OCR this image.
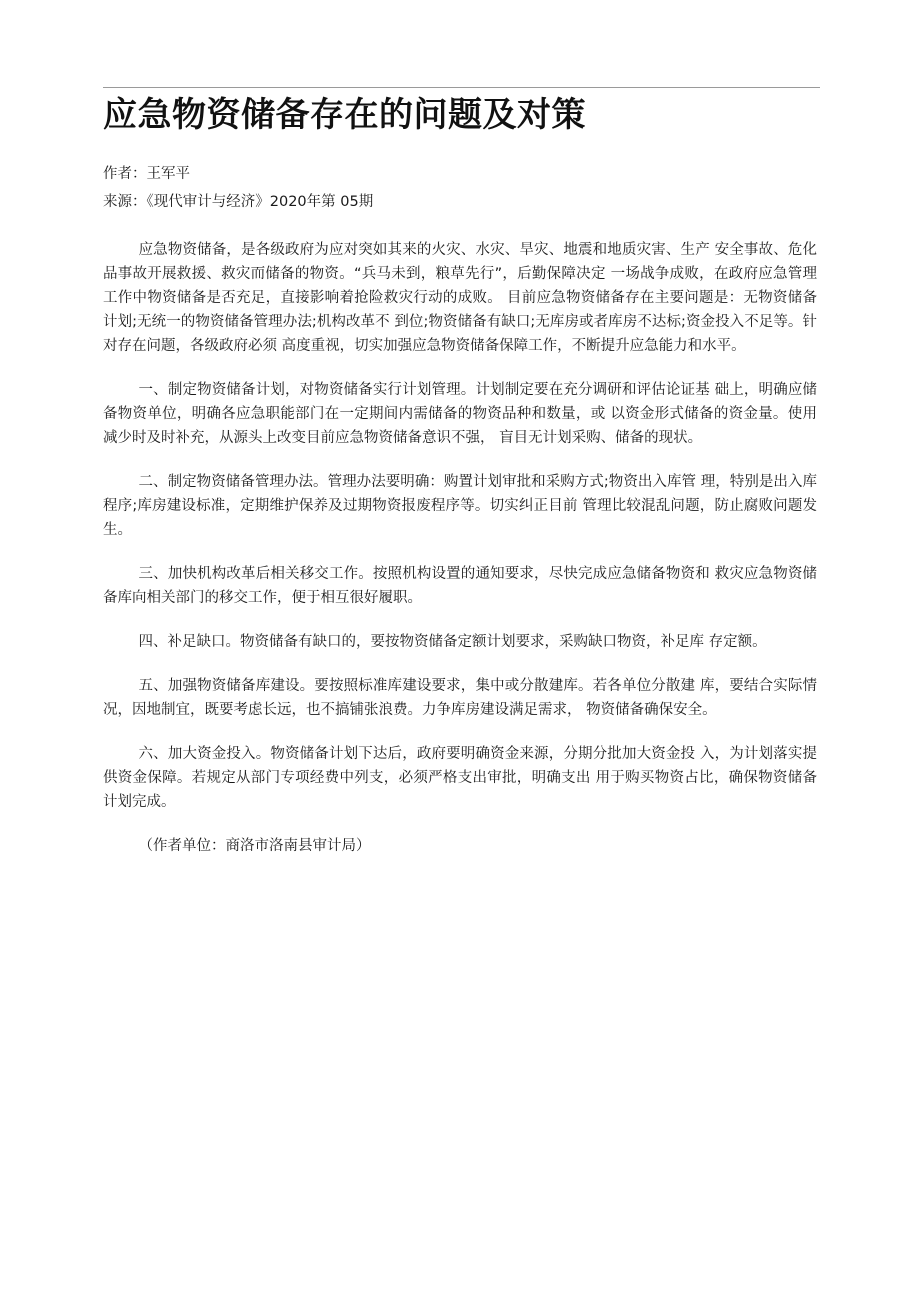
应急物资储备存在的问题及对策
作者：王军平
来源：《现代审计与经济》2020年第 05期

应急物资储备，是各级政府为应对突如其来的火灾、水灾、旱灾、地震和地质灾害、生产 安全事故、危化品事故开展救援、救灾而储备的物资。“兵马未到，粮草先行”，后勤保障决定 一场战争成败，在政府应急管理工作中物资储备是否充足，直接影响着抢险救灾行动的成败。 目前应急物资储备存在主要问题是：无物资储备计划;无统一的物资储备管理办法;机构改革不 到位;物资储备有缺口;无库房或者库房不达标;资金投入不足等。针对存在问题，各级政府必须 高度重视，切实加强应急物资储备保障工作，不断提升应急能力和水平。

一、制定物资储备计划，对物资储备实行计划管理。计划制定要在充分调研和评估论证基 础上，明确应储备物资单位，明确各应急职能部门在一定期间内需储备的物资品种和数量，或 以资金形式储备的资金量。使用减少时及时补充，从源头上改变目前应急物资储备意识不强， 盲目无计划采购、储备的现状。

二、制定物资储备管理办法。管理办法要明确：购置计划审批和采购方式;物资出入库管 理，特别是出入库程序;库房建设标准，定期维护保养及过期物资报废程序等。切实纠正目前 管理比较混乱问题，防止腐败问题发生。

三、加快机构改革后相关移交工作。按照机构设置的通知要求，尽快完成应急储备物资和 救灾应急物资储备库向相关部门的移交工作，便于相互很好履职。

四、补足缺口。物资储备有缺口的，要按物资储备定额计划要求，采购缺口物资，补足库 存定额。

五、加强物资储备库建设。要按照标准库建设要求，集中或分散建库。若各单位分散建 库，要结合实际情况，因地制宜，既要考虑长远，也不搞铺张浪费。力争库房建设满足需求， 物资储备确保安全。

六、加大资金投入。物资储备计划下达后，政府要明确资金来源，分期分批加大资金投 入，为计划落实提供资金保障。若规定从部门专项经费中列支，必须严格支出审批，明确支出 用于购买物资占比，确保物资储备计划完成。

（作者单位：商洛市洛南县审计局）
